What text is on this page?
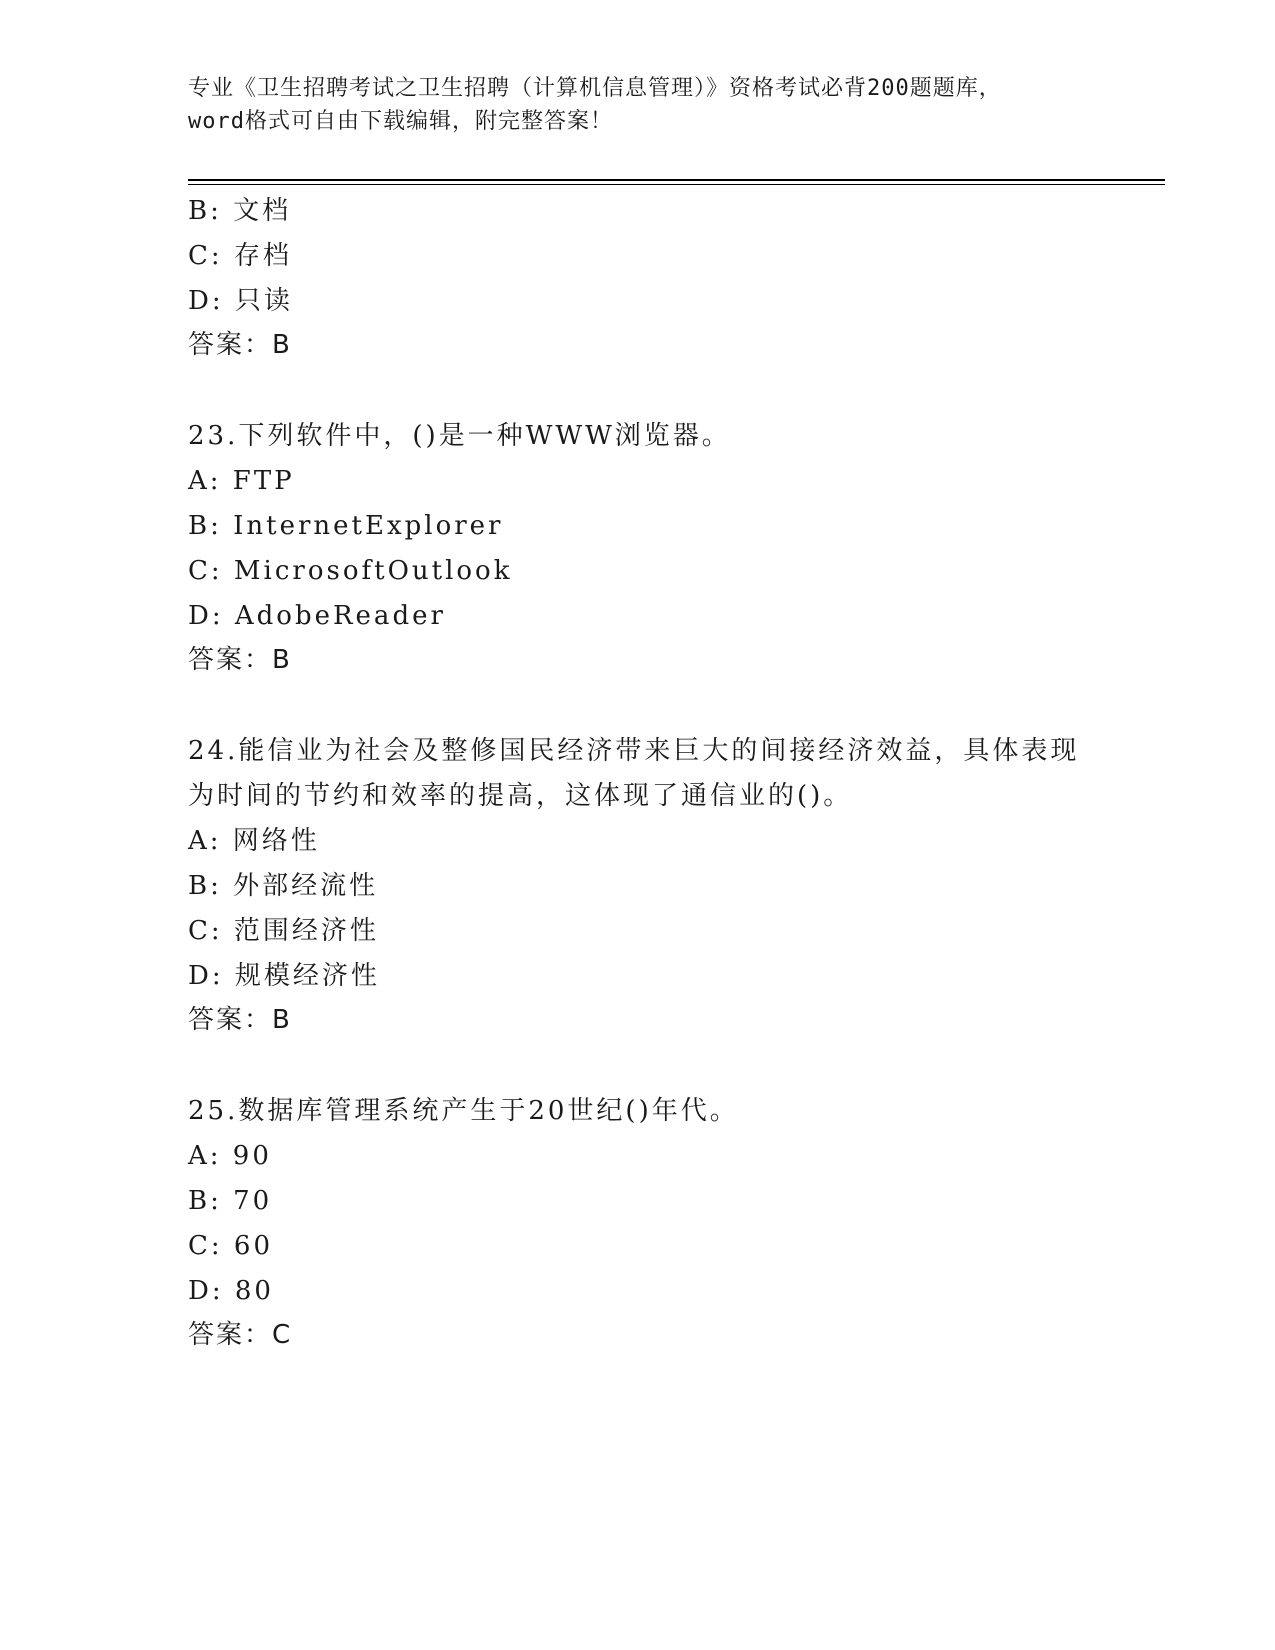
专业《卫生招聘考试之卫生招聘（计算机信息管理）》资格考试必背200题题库，
word格式可自由下载编辑，附完整答案！
B: 文档
C: 存档
D: 只读
答案：B
23.下列软件中，()是一种WWW浏览器。
A: FTP
B: InternetExplorer
C: MicrosoftOutlook
D: AdobeReader
答案：B
24.能信业为社会及整修国民经济带来巨大的间接经济效益，具体表现
为时间的节约和效率的提高，这体现了通信业的()。
A: 网络性
B: 外部经流性
C: 范围经济性
D: 规模经济性
答案：B
25.数据库管理系统产生于20世纪()年代。
A: 90
B: 70
C: 60
D: 80
答案：C
